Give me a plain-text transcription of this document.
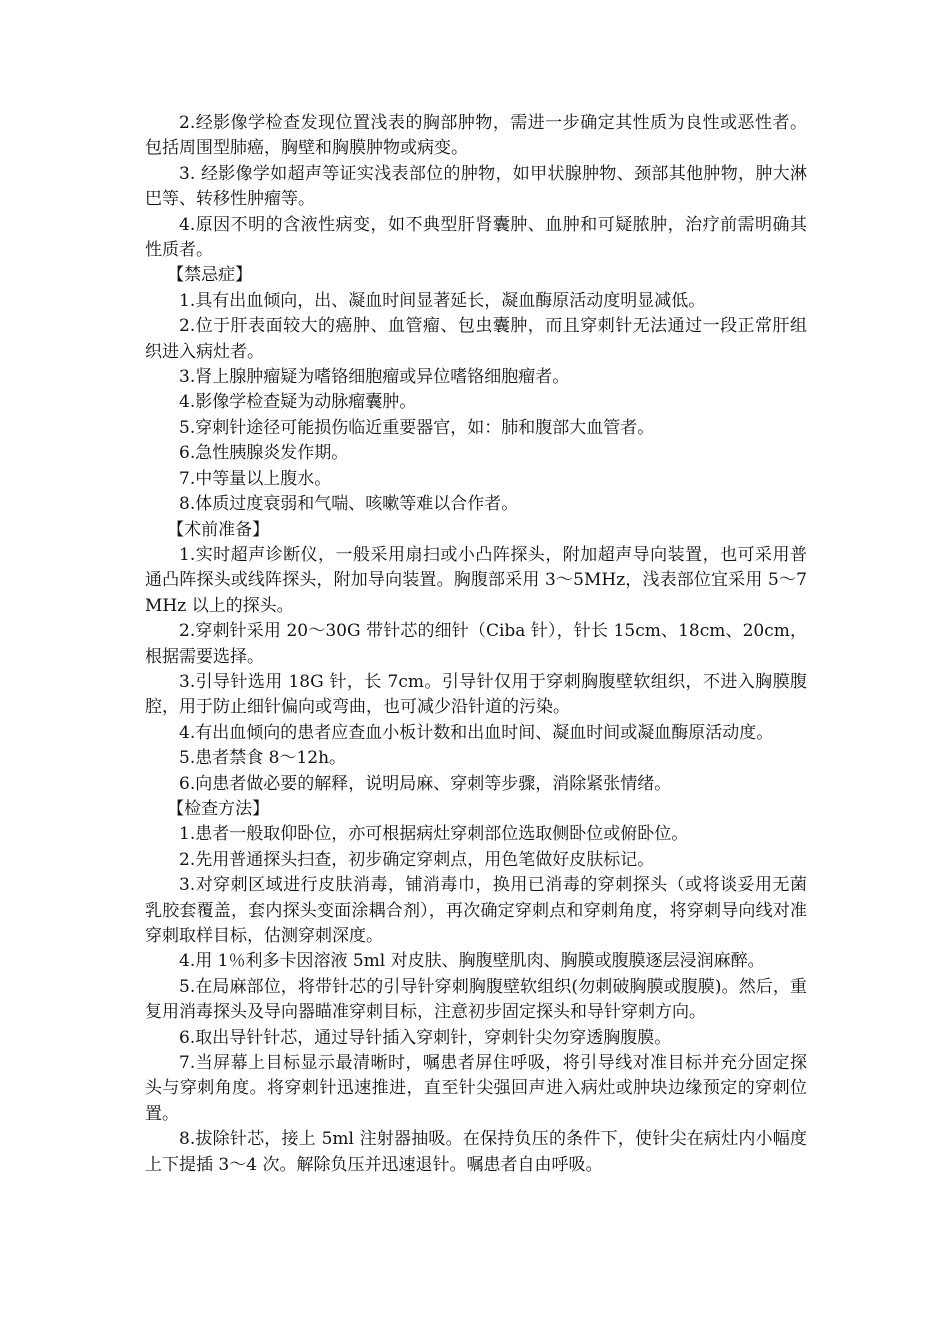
2.经影像学检查发现位置浅表的胸部肿物，需进一步确定其性质为良性或恶性者。包括周围型肺癌，胸壁和胸膜肿物或病变。

3. 经影像学如超声等证实浅表部位的肿物，如甲状腺肿物、颈部其他肿物，肿大淋巴等、转移性肿瘤等。

4.原因不明的含液性病变，如不典型肝肾囊肿、血肿和可疑脓肿，治疗前需明确其性质者。

【禁忌症】

1.具有出血倾向，出、凝血时间显著延长，凝血酶原活动度明显减低。

2.位于肝表面较大的癌肿、血管瘤、包虫囊肿，而且穿刺针无法通过一段正常肝组织进入病灶者。

3.肾上腺肿瘤疑为嗜铬细胞瘤或异位嗜铬细胞瘤者。

4.影像学检查疑为动脉瘤囊肿。

5.穿刺针途径可能损伤临近重要器官，如：肺和腹部大血管者。

6.急性胰腺炎发作期。

7.中等量以上腹水。

8.体质过度衰弱和气喘、咳嗽等难以合作者。

【术前准备】

1.实时超声诊断仪，一般采用扇扫或小凸阵探头，附加超声导向装置，也可采用普通凸阵探头或线阵探头，附加导向装置。胸腹部采用 3～5MHz，浅表部位宜采用 5～7MHz 以上的探头。

2.穿刺针采用 20～30G 带针芯的细针（Ciba 针），针长 15cm、18cm、20cm，根据需要选择。

3.引导针选用 18G 针，长 7cm。引导针仅用于穿刺胸腹壁软组织，不进入胸膜腹腔，用于防止细针偏向或弯曲，也可减少沿针道的污染。

4.有出血倾向的患者应查血小板计数和出血时间、凝血时间或凝血酶原活动度。

5.患者禁食 8～12h。

6.向患者做必要的解释，说明局麻、穿刺等步骤，消除紧张情绪。

【检查方法】

1.患者一般取仰卧位，亦可根据病灶穿刺部位选取侧卧位或俯卧位。

2.先用普通探头扫查，初步确定穿刺点，用色笔做好皮肤标记。

3.对穿刺区域进行皮肤消毒，铺消毒巾，换用已消毒的穿刺探头（或将谈妥用无菌乳胶套覆盖，套内探头变面涂耦合剂），再次确定穿刺点和穿刺角度，将穿刺导向线对准穿刺取样目标，估测穿刺深度。

4.用 1％利多卡因溶液 5ml 对皮肤、胸腹壁肌肉、胸膜或腹膜逐层浸润麻醉。

5.在局麻部位，将带针芯的引导针穿刺胸腹壁软组织(勿刺破胸膜或腹膜)。然后，重复用消毒探头及导向器瞄准穿刺目标，注意初步固定探头和导针穿刺方向。

6.取出导针针芯，通过导针插入穿刺针，穿刺针尖勿穿透胸腹膜。

7.当屏幕上目标显示最清晰时，嘱患者屏住呼吸，将引导线对准目标并充分固定探头与穿刺角度。将穿刺针迅速推进，直至针尖强回声进入病灶或肿块边缘预定的穿刺位置。

8.拔除针芯，接上 5ml 注射器抽吸。在保持负压的条件下，使针尖在病灶内小幅度上下提插 3～4 次。解除负压并迅速退针。嘱患者自由呼吸。
